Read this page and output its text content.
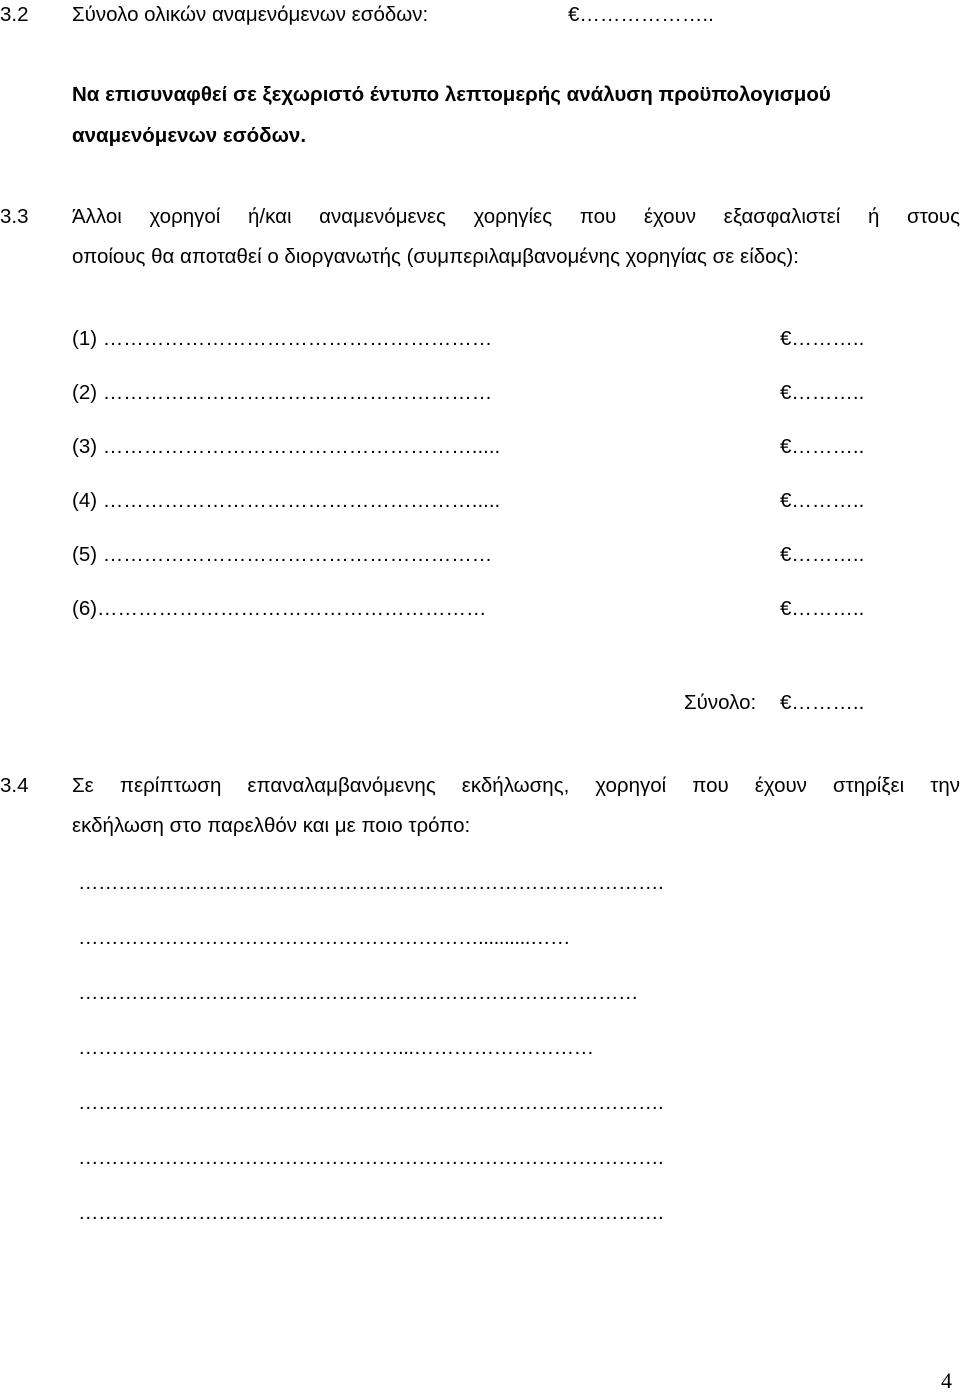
3.2 Σύνολο ολικών αναμενόμενων εσόδων:	€………………..
Να επισυναφθεί σε ξεχωριστό έντυπο λεπτομερής ανάλυση προϋπολογισμού
αναμενόμενων εσόδων.
3.3 Άλλοι χορηγοί ή/και αναμενόμενες χορηγίες που έχουν εξασφαλιστεί ή στους
οποίους θα αποταθεί ο διοργανωτής (συμπεριλαμβανομένης χορηγίας σε είδος):
(1) …………………………………………………	€………..
(2) …………………………………………………	€………..
(3) ……………………………………………….....	€………..
(4) ……………………………………………….....	€………..
(5) …………………………………………………	€………..
(6)…………………………………………………	€………..
Σύνολο: €………..
3.4 Σε περίπτωση επαναλαμβανόμενης εκδήλωσης, χορηγοί που έχουν στηρίξει την
εκδήλωση στο παρελθόν και με ποιο τρόπο:
…………………………………………………………………………….
……………………………………………………..........……
…………………………………………………………………………
…………………………………………...………………………
…………………………………………………………………………….
…………………………………………………………………………….
…………………………………………………………………………….
4
